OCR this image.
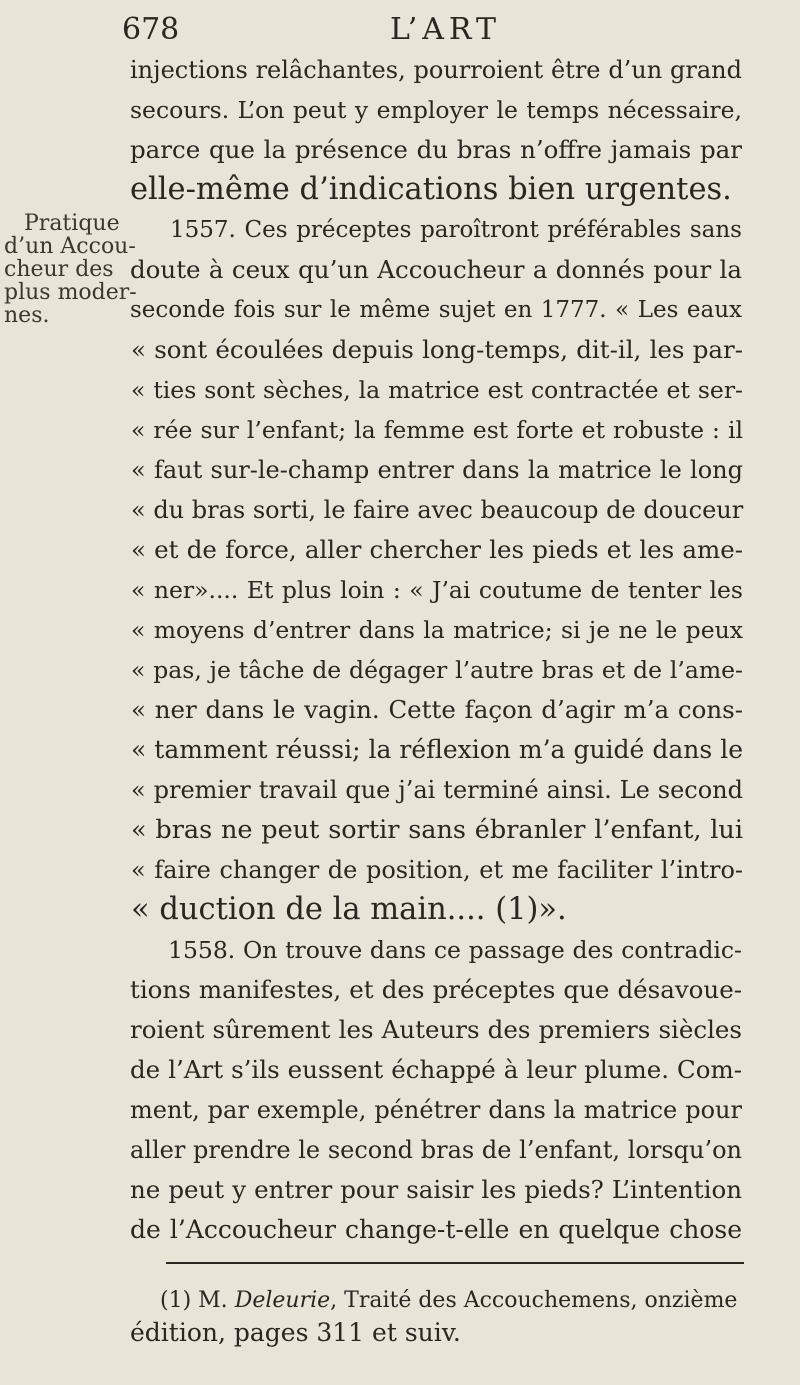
678	L’ART
Pratique
d’un Accou-
cheur des
plus moder-
nes.
injections relâchantes, pourroient être d’un grand
secours. L’on peut y employer le temps nécessaire,
parce que la présence du bras n’offre jamais par
elle-même d’indications bien urgentes.
1557. Ces préceptes paroîtront préférables sans
doute à ceux qu’un Accoucheur a donnés pour la
seconde fois sur le même sujet en 1777. « Les eaux
« sont écoulées depuis long-temps, dit-il, les par-
« ties sont sèches, la matrice est contractée et ser-
« rée sur l’enfant; la femme est forte et robuste : il
« faut sur-le-champ entrer dans la matrice le long
« du bras sorti, le faire avec beaucoup de douceur
« et de force, aller chercher les pieds et les ame-
« ner».... Et plus loin : « J’ai coutume de tenter les
« moyens d’entrer dans la matrice; si je ne le peux
« pas, je tâche de dégager l’autre bras et de l’ame-
« ner dans le vagin. Cette façon d’agir m’a cons-
« tamment réussi; la réflexion m’a guidé dans le
« premier travail que j’ai terminé ainsi. Le second
« bras ne peut sortir sans ébranler l’enfant, lui
« faire changer de position, et me faciliter l’intro-
« duction de la main.... (1)».
1558. On trouve dans ce passage des contradic-
tions manifestes, et des préceptes que désavoue-
roient sûrement les Auteurs des premiers siècles
de l’Art s’ils eussent échappé à leur plume. Com-
ment, par exemple, pénétrer dans la matrice pour
aller prendre le second bras de l’enfant, lorsqu’on
ne peut y entrer pour saisir les pieds? L’intention
de l’Accoucheur change-t-elle en quelque chose
(1) M. Deleurie, Traité des Accouchemens, onzième
édition, pages 311 et suiv.
